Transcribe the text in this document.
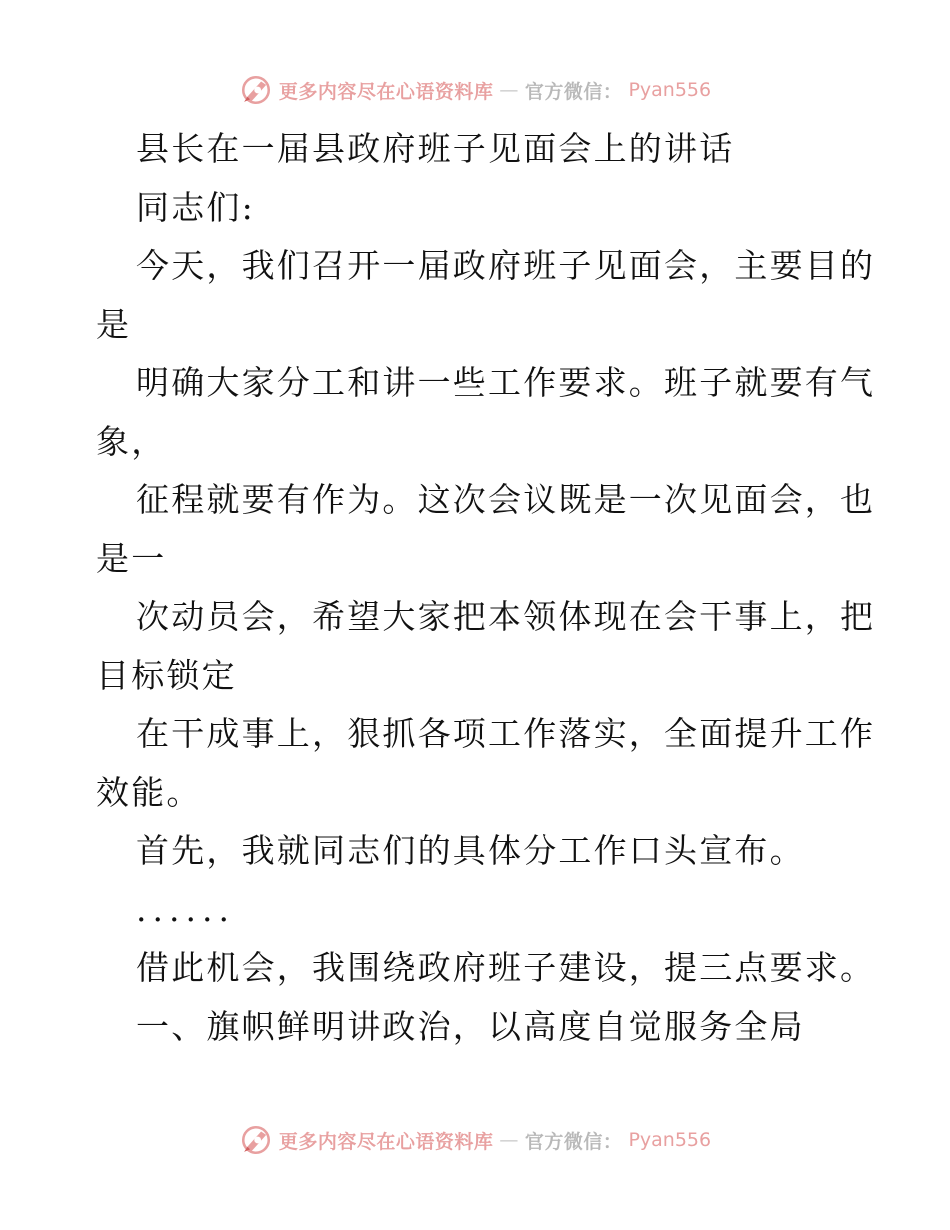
更多内容尽在心语资料库 — 官方微信： Pyan556
县长在一届县政府班子见面会上的讲话
同志们:
今天，我们召开一届政府班子见面会，主要目的
是
明确大家分工和讲一些工作要求。班子就要有气
象，
征程就要有作为。这次会议既是一次见面会，也
是一
次动员会，希望大家把本领体现在会干事上，把
目标锁定
在干成事上，狠抓各项工作落实，全面提升工作
效能。
首先，我就同志们的具体分工作口头宣布。
......
借此机会，我围绕政府班子建设，提三点要求。
一、旗帜鲜明讲政治，以高度自觉服务全局
更多内容尽在心语资料库 — 官方微信： Pyan556
